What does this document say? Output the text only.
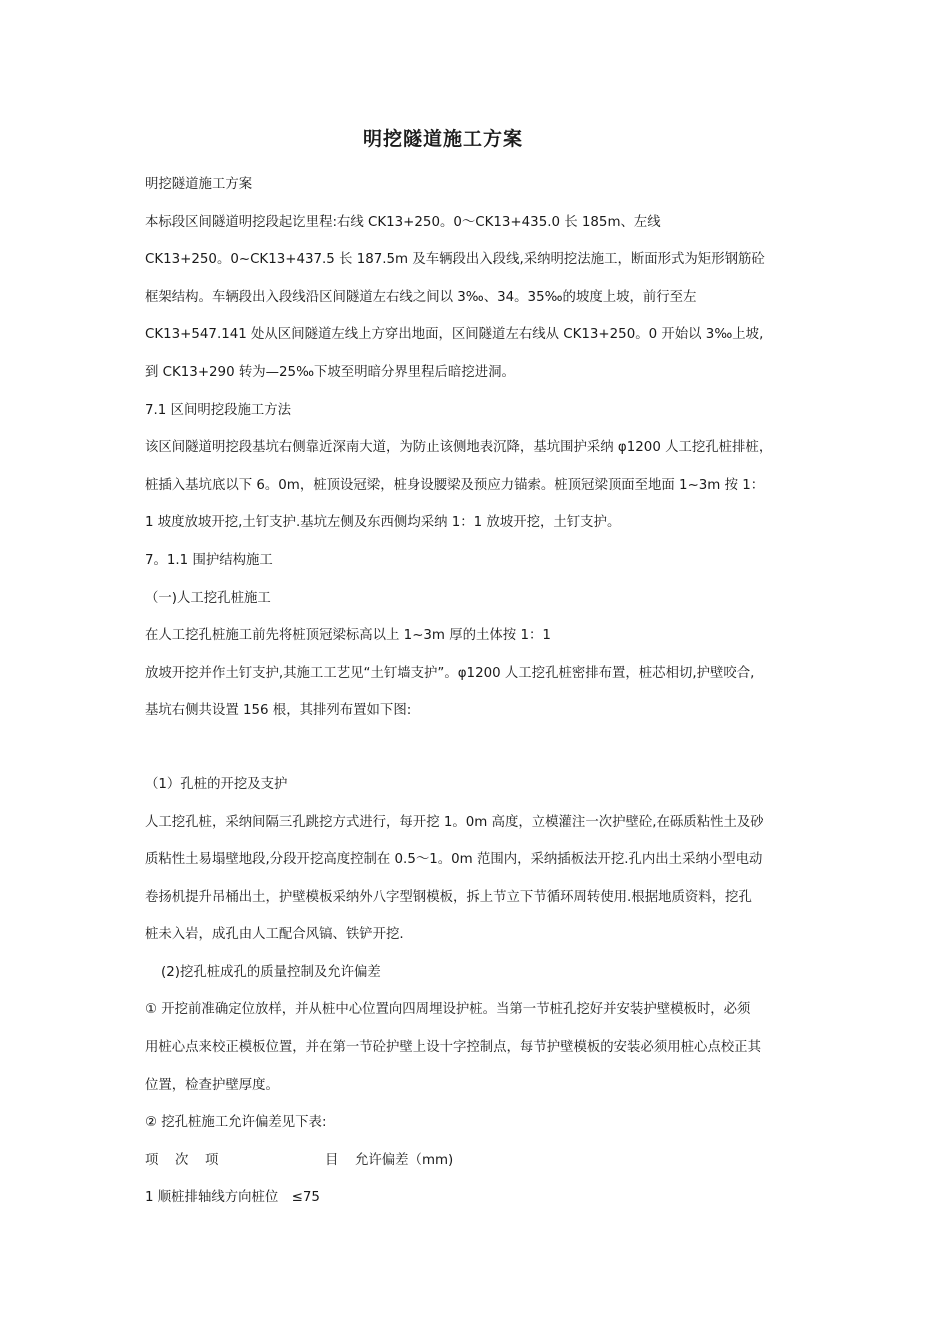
明挖隧道施工方案
明挖隧道施工方案
本标段区间隧道明挖段起讫里程:右线 CK13+250。0～CK13+435.0 长 185m、左线
CK13+250。0~CK13+437.5 长 187.5m 及车辆段出入段线,采纳明挖法施工，断面形式为矩形钢筋砼
框架结构。车辆段出入段线沿区间隧道左右线之间以 3‰、34。35‰的坡度上坡，前行至左
CK13+547.141 处从区间隧道左线上方穿出地面，区间隧道左右线从 CK13+250。0 开始以 3‰上坡,
到 CK13+290 转为—25‰下坡至明暗分界里程后暗挖进洞。
7.1 区间明挖段施工方法
该区间隧道明挖段基坑右侧靠近深南大道，为防止该侧地表沉降，基坑围护采纳 φ1200 人工挖孔桩排桩，
桩插入基坑底以下 6。0m，桩顶设冠梁，桩身设腰梁及预应力锚索。桩顶冠梁顶面至地面 1~3m 按 1：
1 坡度放坡开挖,土钉支护.基坑左侧及东西侧均采纳 1：1 放坡开挖，土钉支护。
7。1.1 围护结构施工
（一)人工挖孔桩施工
在人工挖孔桩施工前先将桩顶冠梁标高以上 1~3m 厚的土体按 1：1
放坡开挖并作土钉支护,其施工工艺见“土钉墙支护”。φ1200 人工挖孔桩密排布置，桩芯相切,护壁咬合,
基坑右侧共设置 156 根，其排列布置如下图:
（1）孔桩的开挖及支护
人工挖孔桩，采纳间隔三孔跳挖方式进行，每开挖 1。0m 高度，立模灌注一次护壁砼,在砾质粘性土及砂
质粘性土易塌壁地段,分段开挖高度控制在 0.5～1。0m 范围内，采纳插板法开挖.孔内出土采纳小型电动
卷扬机提升吊桶出土，护壁模板采纳外八字型钢模板，拆上节立下节循环周转使用.根据地质资料，挖孔
桩未入岩，成孔由人工配合风镐、铁铲开挖.
(2)挖孔桩成孔的质量控制及允许偏差
① 开挖前准确定位放样，并从桩中心位置向四周埋设护桩。当第一节桩孔挖好并安装护壁模板时，必须
用桩心点来校正模板位置，并在第一节砼护壁上设十字控制点，每节护壁模板的安装必须用桩心点校正其
位置，检查护壁厚度。
② 挖孔桩施工允许偏差见下表:
项	次	项	目	允许偏差（mm)
1 顺桩排轴线方向桩位　≤75
